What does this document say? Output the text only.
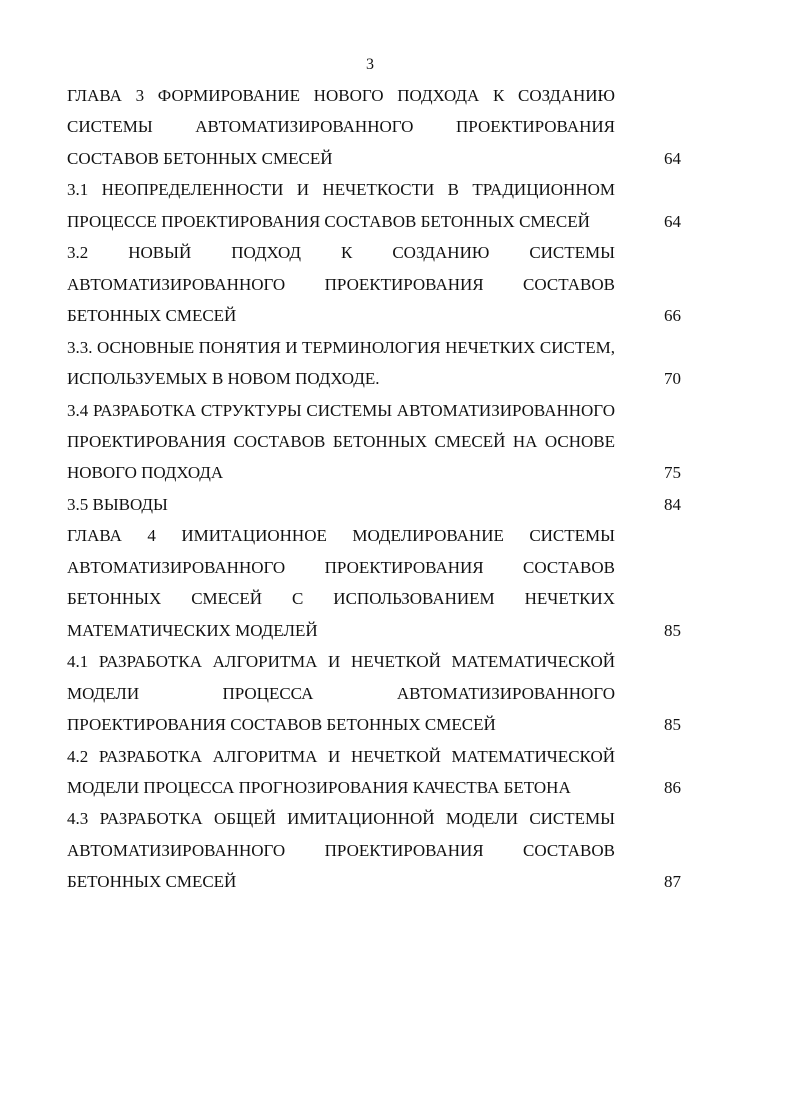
3
ГЛАВА 3 ФОРМИРОВАНИЕ НОВОГО ПОДХОДА К СОЗДАНИЮ СИСТЕМЫ АВТОМАТИЗИРОВАННОГО ПРОЕКТИРОВАНИЯ СОСТАВОВ БЕТОННЫХ СМЕСЕЙ	64
3.1 НЕОПРЕДЕЛЕННОСТИ И НЕЧЕТКОСТИ В ТРАДИЦИОННОМ ПРОЦЕССЕ ПРОЕКТИРОВАНИЯ СОСТАВОВ БЕТОННЫХ СМЕСЕЙ	64
3.2 НОВЫЙ ПОДХОД К СОЗДАНИЮ СИСТЕМЫ АВТОМАТИЗИРОВАННОГО ПРОЕКТИРОВАНИЯ СОСТАВОВ БЕТОННЫХ СМЕСЕЙ	66
3.3. ОСНОВНЫЕ ПОНЯТИЯ И ТЕРМИНОЛОГИЯ НЕЧЕТКИХ СИСТЕМ, ИСПОЛЬЗУЕМЫХ В НОВОМ ПОДХОДЕ.	70
3.4 РАЗРАБОТКА СТРУКТУРЫ СИСТЕМЫ АВТОМАТИЗИРОВАННОГО ПРОЕКТИРОВАНИЯ СОСТАВОВ БЕТОННЫХ СМЕСЕЙ НА ОСНОВЕ НОВОГО ПОДХОДА	75
3.5 ВЫВОДЫ	84
ГЛАВА 4 ИМИТАЦИОННОЕ МОДЕЛИРОВАНИЕ СИСТЕМЫ АВТОМАТИЗИРОВАННОГО ПРОЕКТИРОВАНИЯ СОСТАВОВ БЕТОННЫХ СМЕСЕЙ С ИСПОЛЬЗОВАНИЕМ НЕЧЕТКИХ МАТЕМАТИЧЕСКИХ МОДЕЛЕЙ	85
4.1 РАЗРАБОТКА АЛГОРИТМА И НЕЧЕТКОЙ МАТЕМАТИЧЕСКОЙ МОДЕЛИ ПРОЦЕССА АВТОМАТИЗИРОВАННОГО ПРОЕКТИРОВАНИЯ СОСТАВОВ БЕТОННЫХ СМЕСЕЙ	85
4.2 РАЗРАБОТКА АЛГОРИТМА И НЕЧЕТКОЙ МАТЕМАТИЧЕСКОЙ МОДЕЛИ ПРОЦЕССА ПРОГНОЗИРОВАНИЯ КАЧЕСТВА БЕТОНА	86
4.3 РАЗРАБОТКА ОБЩЕЙ ИМИТАЦИОННОЙ МОДЕЛИ СИСТЕМЫ АВТОМАТИЗИРОВАННОГО ПРОЕКТИРОВАНИЯ СОСТАВОВ БЕТОННЫХ СМЕСЕЙ	87
